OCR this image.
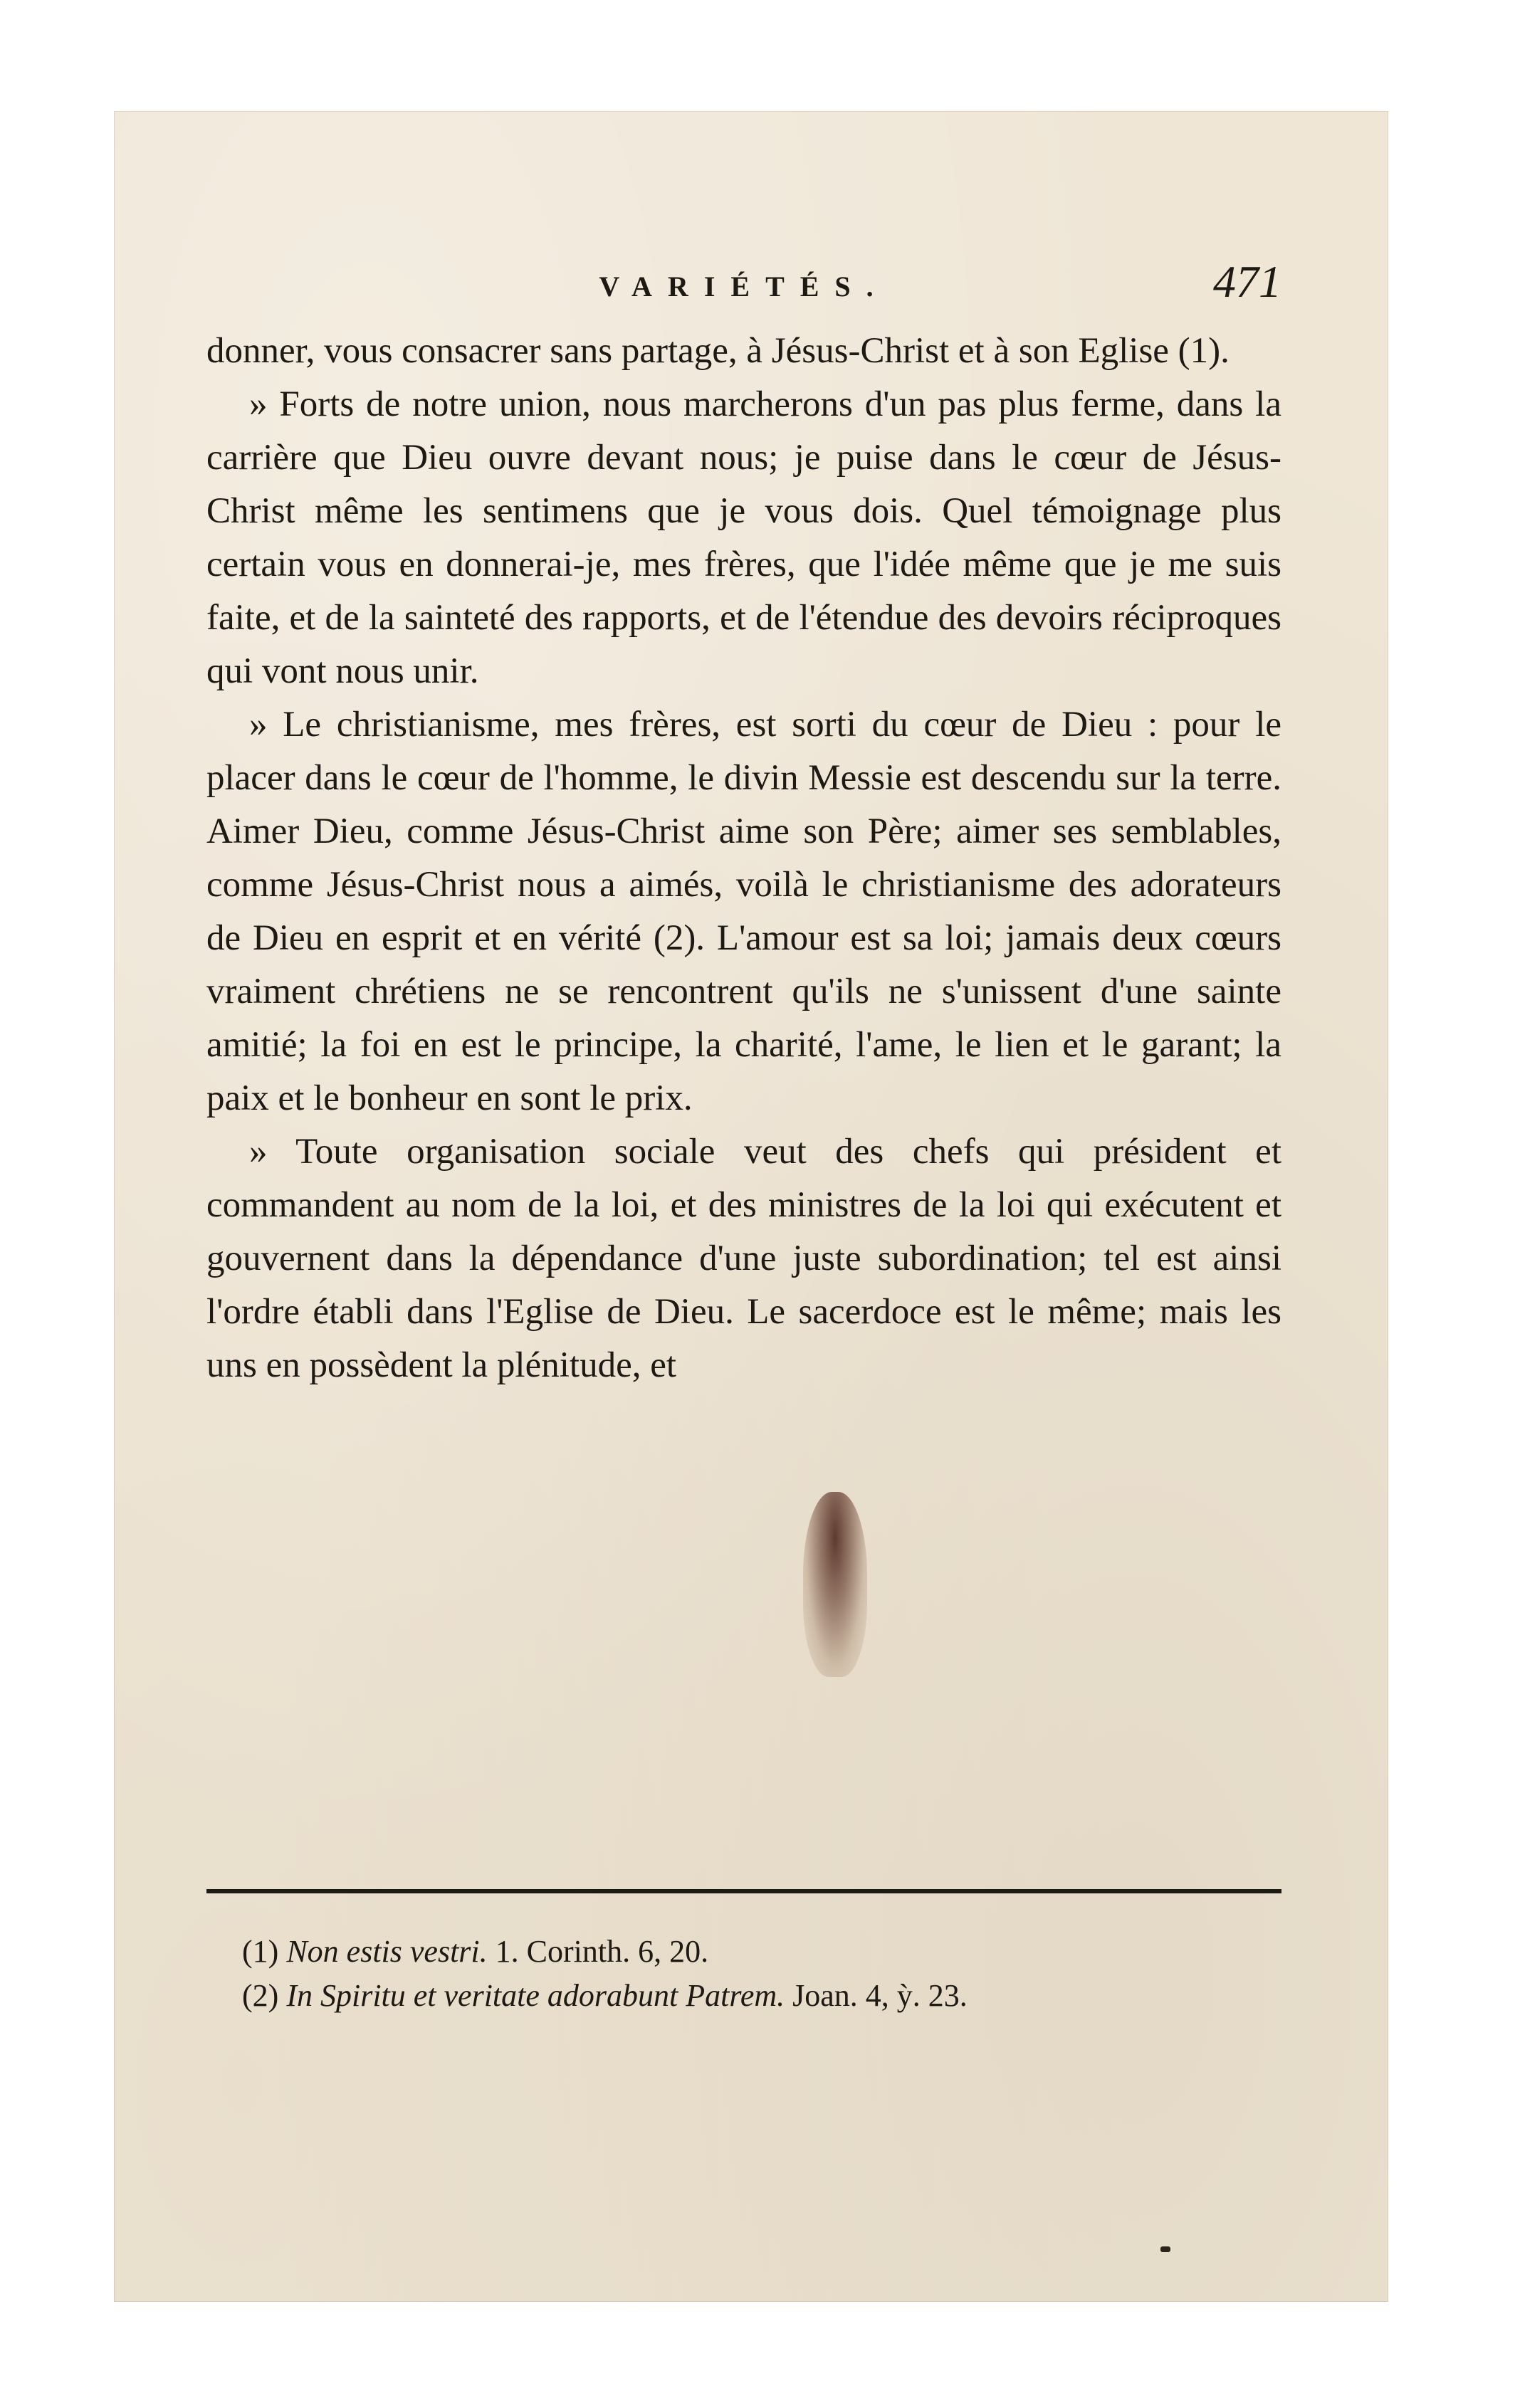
VARIÉTÉS.	471

donner, vous consacrer sans partage, à Jésus-Christ et à son Eglise (1).

» Forts de notre union, nous marcherons d'un pas plus ferme, dans la carrière que Dieu ouvre devant nous; je puise dans le cœur de Jésus-Christ même les sentimens que je vous dois. Quel témoignage plus certain vous en donnerai-je, mes frères, que l'idée même que je me suis faite, et de la sainteté des rapports, et de l'étendue des devoirs réciproques qui vont nous unir.

» Le christianisme, mes frères, est sorti du cœur de Dieu : pour le placer dans le cœur de l'homme, le divin Messie est descendu sur la terre. Aimer Dieu, comme Jésus-Christ aime son Père; aimer ses semblables, comme Jésus-Christ nous a aimés, voilà le christianisme des adorateurs de Dieu en esprit et en vérité (2). L'amour est sa loi; jamais deux cœurs vraiment chrétiens ne se rencontrent qu'ils ne s'unissent d'une sainte amitié; la foi en est le principe, la charité, l'ame, le lien et le garant; la paix et le bonheur en sont le prix.

» Toute organisation sociale veut des chefs qui président et commandent au nom de la loi, et des ministres de la loi qui exécutent et gouvernent dans la dépendance d'une juste subordination; tel est ainsi l'ordre établi dans l'Eglise de Dieu. Le sacerdoce est le même; mais les uns en possèdent la plénitude, et

(1) Non estis vestri. 1. Corinth. 6, 20.

(2) In Spiritu et veritate adorabunt Patrem. Joan. 4, ỳ. 23.
